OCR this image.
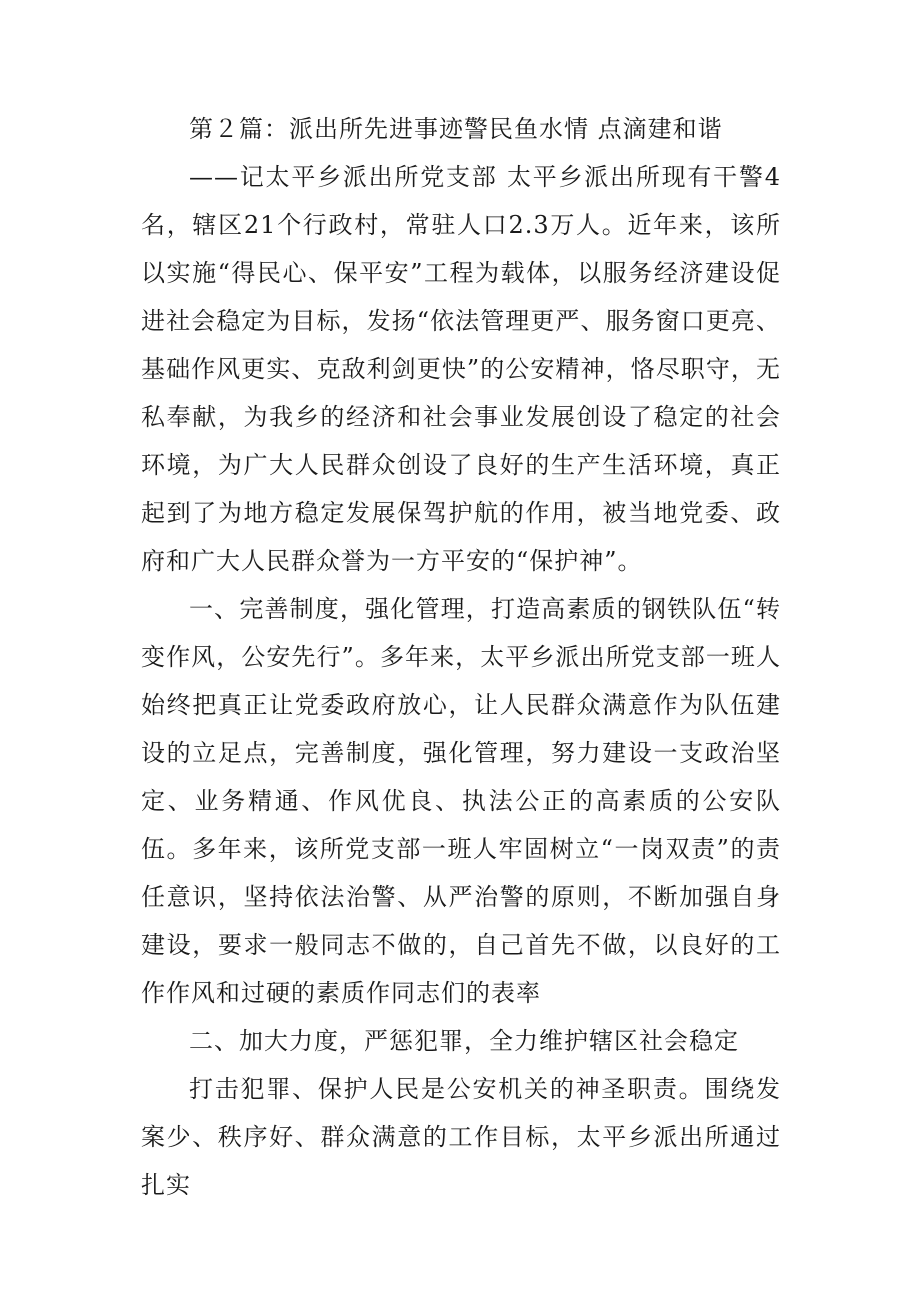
第２篇：派出所先进事迹警民鱼水情 点滴建和谐

——记太平乡派出所党支部 太平乡派出所现有干警4名，辖区21个行政村，常驻人口2.3万人。近年来，该所以实施“得民心、保平安”工程为载体，以服务经济建设促进社会稳定为目标，发扬“依法管理更严、服务窗口更亮、基础作风更实、克敌利剑更快”的公安精神，恪尽职守，无私奉献，为我乡的经济和社会事业发展创设了稳定的社会环境，为广大人民群众创设了良好的生产生活环境，真正起到了为地方稳定发展保驾护航的作用，被当地党委、政府和广大人民群众誉为一方平安的“保护神”。

一、完善制度，强化管理，打造高素质的钢铁队伍“转变作风，公安先行”。多年来，太平乡派出所党支部一班人始终把真正让党委政府放心，让人民群众满意作为队伍建设的立足点，完善制度，强化管理，努力建设一支政治坚定、业务精通、作风优良、执法公正的高素质的公安队伍。多年来，该所党支部一班人牢固树立“一岗双责”的责任意识，坚持依法治警、从严治警的原则，不断加强自身建设，要求一般同志不做的，自己首先不做，以良好的工作作风和过硬的素质作同志们的表率

二、加大力度，严惩犯罪，全力维护辖区社会稳定

打击犯罪、保护人民是公安机关的神圣职责。围绕发案少、秩序好、群众满意的工作目标，太平乡派出所通过扎实
